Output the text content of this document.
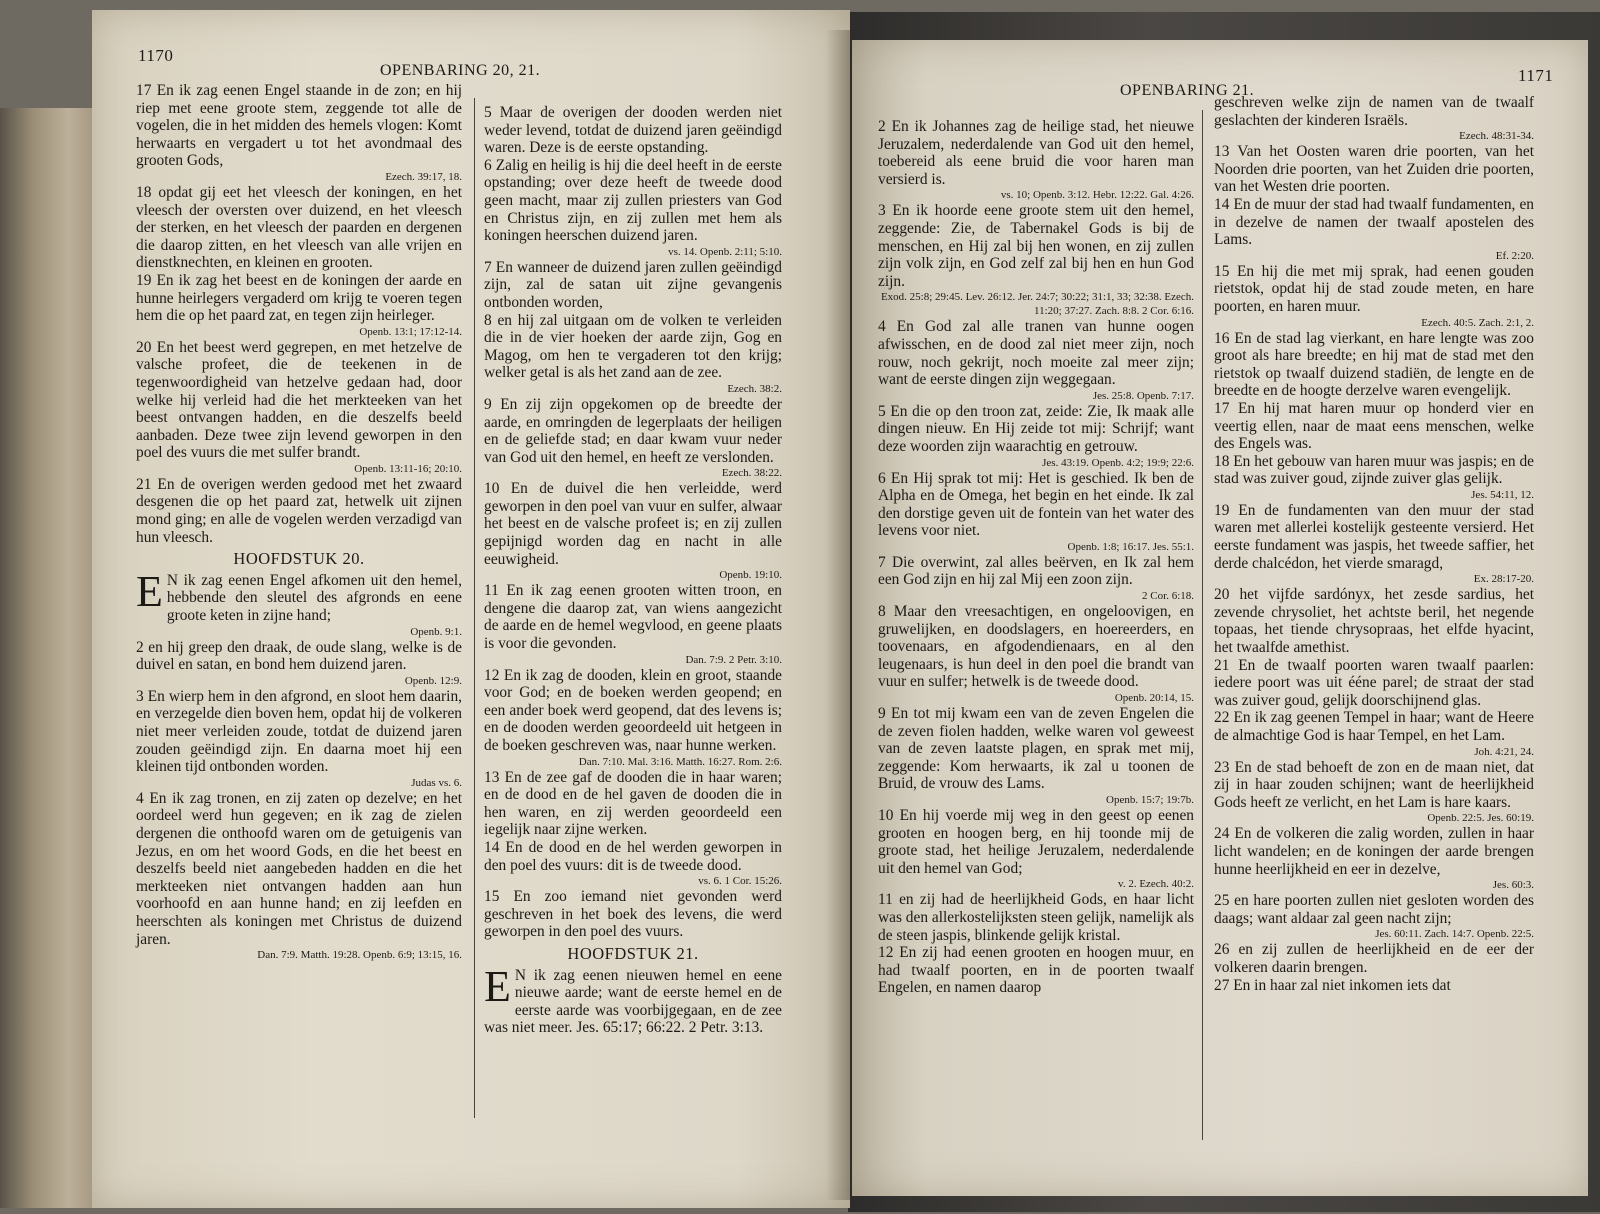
1170
OPENBARING 20, 21.

17 En ik zag eenen Engel staande in de zon; en hij riep met eene groote stem, zeggende tot alle de vogelen, die in het midden des hemels vlogen: Komt herwaarts en vergadert u tot het avondmaal des grooten Gods,

Ezech. 39:17, 18.

18 opdat gij eet het vleesch der koningen, en het vleesch der oversten over duizend, en het vleesch der sterken, en het vleesch der paarden en dergenen die daarop zitten, en het vleesch van alle vrijen en dienstknechten, en kleinen en grooten.

19 En ik zag het beest en de koningen der aarde en hunne heirlegers vergaderd om krijg te voeren tegen hem die op het paard zat, en tegen zijn heirleger.

Openb. 13:1; 17:12-14.

20 En het beest werd gegrepen, en met hetzelve de valsche profeet, die de teekenen in de tegenwoordigheid van hetzelve gedaan had, door welke hij verleid had die het merkteeken van het beest ontvangen hadden, en die deszelfs beeld aanbaden. Deze twee zijn levend geworpen in den poel des vuurs die met sulfer brandt.

Openb. 13:11-16; 20:10.

21 En de overigen werden gedood met het zwaard desgenen die op het paard zat, hetwelk uit zijnen mond ging; en alle de vogelen werden verzadigd van hun vleesch.

HOOFDSTUK 20.

E N ik zag eenen Engel afkomen uit den hemel, hebbende den sleutel des afgronds en eene groote keten in zijne hand;

Openb. 9:1.

2 en hij greep den draak, de oude slang, welke is de duivel en satan, en bond hem duizend jaren.

Openb. 12:9.

3 En wierp hem in den afgrond, en sloot hem daarin, en verzegelde dien boven hem, opdat hij de volkeren niet meer verleiden zoude, totdat de duizend jaren zouden geëindigd zijn. En daarna moet hij een kleinen tijd ontbonden worden.

Judas vs. 6.

4 En ik zag tronen, en zij zaten op dezelve; en het oordeel werd hun gegeven; en ik zag de zielen dergenen die onthoofd waren om de getuigenis van Jezus, en om het woord Gods, en die het beest en deszelfs beeld niet aangebeden hadden en die het merkteeken niet ontvangen hadden aan hun voorhoofd en aan hunne hand; en zij leefden en heerschten als koningen met Christus de duizend jaren.

Dan. 7:9. Matth. 19:28. Openb. 6:9; 13:15, 16.

5 Maar de overigen der dooden werden niet weder levend, totdat de duizend jaren geëindigd waren. Deze is de eerste opstanding.

6 Zalig en heilig is hij die deel heeft in de eerste opstanding; over deze heeft de tweede dood geen macht, maar zij zullen priesters van God en Christus zijn, en zij zullen met hem als koningen heerschen duizend jaren.

vs. 14. Openb. 2:11; 5:10.

7 En wanneer de duizend jaren zullen geëindigd zijn, zal de satan uit zijne gevangenis ontbonden worden,

8 en hij zal uitgaan om de volken te verleiden die in de vier hoeken der aarde zijn, Gog en Magog, om hen te vergaderen tot den krijg; welker getal is als het zand aan de zee.

Ezech. 38:2.

9 En zij zijn opgekomen op de breedte der aarde, en omringden de legerplaats der heiligen en de geliefde stad; en daar kwam vuur neder van God uit den hemel, en heeft ze verslonden.

Ezech. 38:22.

10 En de duivel die hen verleidde, werd geworpen in den poel van vuur en sulfer, alwaar het beest en de valsche profeet is; en zij zullen gepijnigd worden dag en nacht in alle eeuwigheid.

Openb. 19:10.

11 En ik zag eenen grooten witten troon, en dengene die daarop zat, van wiens aangezicht de aarde en de hemel wegvlood, en geene plaats is voor die gevonden.

Dan. 7:9. 2 Petr. 3:10.

12 En ik zag de dooden, klein en groot, staande voor God; en de boeken werden geopend; en een ander boek werd geopend, dat des levens is; en de dooden werden geoordeeld uit hetgeen in de boeken geschreven was, naar hunne werken.

Dan. 7:10. Mal. 3:16. Matth. 16:27. Rom. 2:6.

13 En de zee gaf de dooden die in haar waren; en de dood en de hel gaven de dooden die in hen waren, en zij werden geoordeeld een iegelijk naar zijne werken.

14 En de dood en de hel werden geworpen in den poel des vuurs: dit is de tweede dood.

vs. 6. 1 Cor. 15:26.

15 En zoo iemand niet gevonden werd geschreven in het boek des levens, die werd geworpen in den poel des vuurs.

HOOFDSTUK 21.

E N ik zag eenen nieuwen hemel en eene nieuwe aarde; want de eerste hemel en de eerste aarde was voorbijgegaan, en de zee was niet meer. Jes. 65:17; 66:22. 2 Petr. 3:13.

OPENBARING 21.
1171

2 En ik Johannes zag de heilige stad, het nieuwe Jeruzalem, nederdalende van God uit den hemel, toebereid als eene bruid die voor haren man versierd is.

vs. 10; Openb. 3:12. Hebr. 12:22. Gal. 4:26.

3 En ik hoorde eene groote stem uit den hemel, zeggende: Zie, de Tabernakel Gods is bij de menschen, en Hij zal bij hen wonen, en zij zullen zijn volk zijn, en God zelf zal bij hen en hun God zijn.

Exod. 25:8; 29:45. Lev. 26:12. Jer. 24:7; 30:22; 31:1, 33; 32:38. Ezech. 11:20; 37:27. Zach. 8:8. 2 Cor. 6:16.

4 En God zal alle tranen van hunne oogen afwisschen, en de dood zal niet meer zijn, noch rouw, noch gekrijt, noch moeite zal meer zijn; want de eerste dingen zijn weggegaan.

Jes. 25:8. Openb. 7:17.

5 En die op den troon zat, zeide: Zie, Ik maak alle dingen nieuw. En Hij zeide tot mij: Schrijf; want deze woorden zijn waarachtig en getrouw.

Jes. 43:19. Openb. 4:2; 19:9; 22:6.

6 En Hij sprak tot mij: Het is geschied. Ik ben de Alpha en de Omega, het begin en het einde. Ik zal den dorstige geven uit de fontein van het water des levens voor niet.

Openb. 1:8; 16:17. Jes. 55:1.

7 Die overwint, zal alles beërven, en Ik zal hem een God zijn en hij zal Mij een zoon zijn.

2 Cor. 6:18.

8 Maar den vreesachtigen, en ongeloovigen, en gruwelijken, en doodslagers, en hoereerders, en toovenaars, en afgodendienaars, en al den leugenaars, is hun deel in den poel die brandt van vuur en sulfer; hetwelk is de tweede dood.

Openb. 20:14, 15.

9 En tot mij kwam een van de zeven Engelen die de zeven fiolen hadden, welke waren vol geweest van de zeven laatste plagen, en sprak met mij, zeggende: Kom herwaarts, ik zal u toonen de Bruid, de vrouw des Lams.

Openb. 15:7; 19:7b.

10 En hij voerde mij weg in den geest op eenen grooten en hoogen berg, en hij toonde mij de groote stad, het heilige Jeruzalem, nederdalende uit den hemel van God;

v. 2. Ezech. 40:2.

11 en zij had de heerlijkheid Gods, en haar licht was den allerkostelijksten steen gelijk, namelijk als de steen jaspis, blinkende gelijk kristal.

12 En zij had eenen grooten en hoogen muur, en had twaalf poorten, en in de poorten twaalf Engelen, en namen daarop

geschreven welke zijn de namen van de twaalf geslachten der kinderen Israëls.

Ezech. 48:31-34.

13 Van het Oosten waren drie poorten, van het Noorden drie poorten, van het Zuiden drie poorten, van het Westen drie poorten.

14 En de muur der stad had twaalf fundamenten, en in dezelve de namen der twaalf apostelen des Lams.

Ef. 2:20.

15 En hij die met mij sprak, had eenen gouden rietstok, opdat hij de stad zoude meten, en hare poorten, en haren muur.

Ezech. 40:5. Zach. 2:1, 2.

16 En de stad lag vierkant, en hare lengte was zoo groot als hare breedte; en hij mat de stad met den rietstok op twaalf duizend stadiën, de lengte en de breedte en de hoogte derzelve waren evengelijk.

17 En hij mat haren muur op honderd vier en veertig ellen, naar de maat eens menschen, welke des Engels was.

18 En het gebouw van haren muur was jaspis; en de stad was zuiver goud, zijnde zuiver glas gelijk.

Jes. 54:11, 12.

19 En de fundamenten van den muur der stad waren met allerlei kostelijk gesteente versierd. Het eerste fundament was jaspis, het tweede saffier, het derde chalcédon, het vierde smaragd,

Ex. 28:17-20.

20 het vijfde sardónyx, het zesde sardius, het zevende chrysoliet, het achtste beril, het negende topaas, het tiende chrysopraas, het elfde hyacint, het twaalfde amethist.

21 En de twaalf poorten waren twaalf paarlen: iedere poort was uit ééne parel; de straat der stad was zuiver goud, gelijk doorschijnend glas.

22 En ik zag geenen Tempel in haar; want de Heere de almachtige God is haar Tempel, en het Lam.

Joh. 4:21, 24.

23 En de stad behoeft de zon en de maan niet, dat zij in haar zouden schijnen; want de heerlijkheid Gods heeft ze verlicht, en het Lam is hare kaars.

Openb. 22:5. Jes. 60:19.

24 En de volkeren die zalig worden, zullen in haar licht wandelen; en de koningen der aarde brengen hunne heerlijkheid en eer in dezelve,

Jes. 60:3.

25 en hare poorten zullen niet gesloten worden des daags; want aldaar zal geen nacht zijn;

Jes. 60:11. Zach. 14:7. Openb. 22:5.

26 en zij zullen de heerlijkheid en de eer der volkeren daarin brengen.

27 En in haar zal niet inkomen iets dat
